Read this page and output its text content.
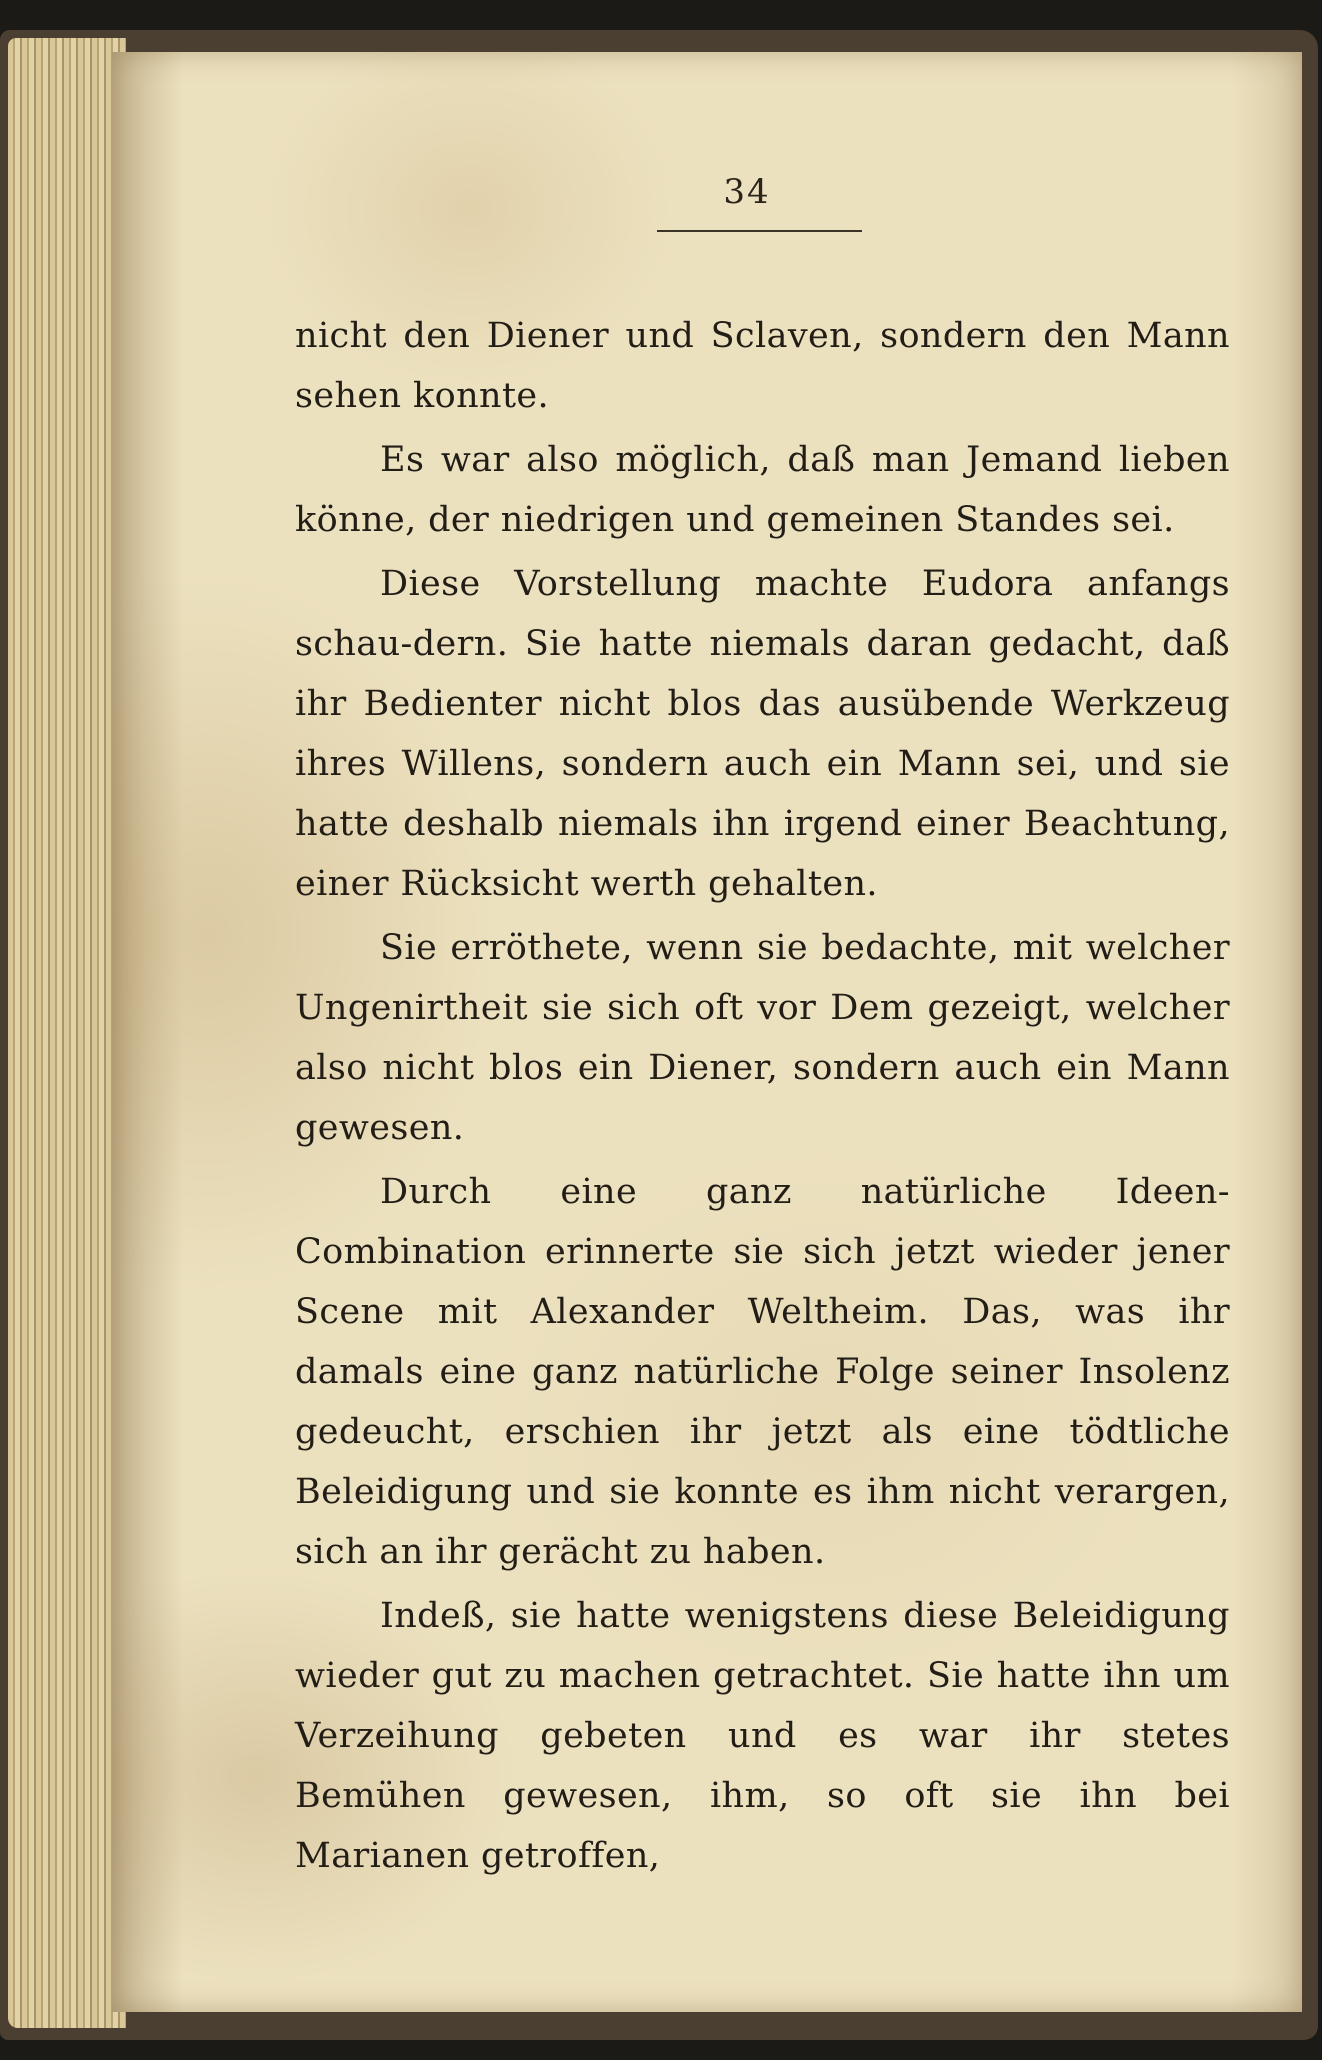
34

nicht den Diener und Sclaven, sondern den Mann sehen konnte.

Es war also möglich, daß man Jemand lieben könne, der niedrigen und gemeinen Standes sei.

Diese Vorstellung machte Eudora anfangs schau-dern. Sie hatte niemals daran gedacht, daß ihr Bedienter nicht blos das ausübende Werkzeug ihres Willens, sondern auch ein Mann sei, und sie hatte deshalb niemals ihn irgend einer Beachtung, einer Rücksicht werth gehalten.

Sie erröthete, wenn sie bedachte, mit welcher Ungenirtheit sie sich oft vor Dem gezeigt, welcher also nicht blos ein Diener, sondern auch ein Mann gewesen.

Durch eine ganz natürliche Ideen-Combination erinnerte sie sich jetzt wieder jener Scene mit Alexander Weltheim. Das, was ihr damals eine ganz natürliche Folge seiner Insolenz gedeucht, erschien ihr jetzt als eine tödtliche Beleidigung und sie konnte es ihm nicht verargen, sich an ihr gerächt zu haben.

Indeß, sie hatte wenigstens diese Beleidigung wieder gut zu machen getrachtet. Sie hatte ihn um Verzeihung gebeten und es war ihr stetes Bemühen gewesen, ihm, so oft sie ihn bei Marianen getroffen,
